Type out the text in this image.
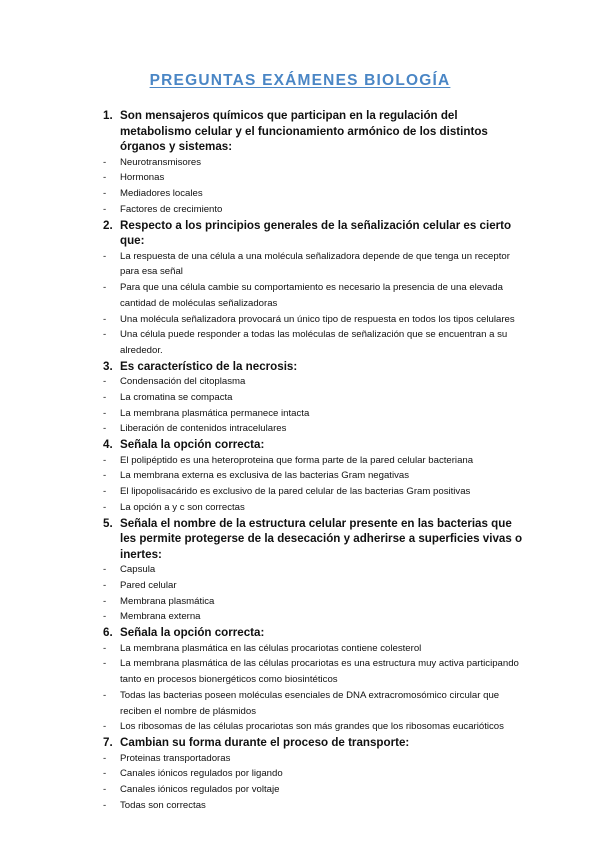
PREGUNTAS EXÁMENES BIOLOGÍA
1. Son mensajeros químicos que participan en la regulación del metabolismo celular y el funcionamiento armónico de los distintos órganos y sistemas:
-	Neurotransmisores
-	Hormonas
-	Mediadores locales
-	Factores de crecimiento
2. Respecto a los principios generales de la señalización celular es cierto que:
-	La respuesta de una célula a una molécula señalizadora depende de que tenga un receptor para esa señal
-	Para que una célula cambie su comportamiento es necesario la presencia de una elevada cantidad de moléculas señalizadoras
-	Una molécula señalizadora provocará un único tipo de respuesta en todos los tipos celulares
-	Una célula puede responder a todas las moléculas de señalización que se encuentran a su alrededor.
3. Es característico de la necrosis:
-	Condensación del citoplasma
-	La cromatina se compacta
-	La membrana plasmática permanece intacta
-	Liberación de contenidos intracelulares
4. Señala la opción correcta:
-	El polipéptido es una heteroproteina que forma parte de la pared celular bacteriana
-	La membrana externa es exclusiva de las bacterias Gram negativas
-	El lipopolisacárido es exclusivo de la pared celular de las bacterias Gram positivas
-	La opción a y c son correctas
5. Señala el nombre de la estructura celular presente en las bacterias que les permite protegerse de la desecación y adherirse a superficies vivas o inertes:
-	Capsula
-	Pared celular
-	Membrana plasmática
-	Membrana externa
6. Señala la opción correcta:
-	La membrana plasmática en las células procariotas contiene colesterol
-	La membrana plasmática de las células procariotas es una estructura muy activa participando tanto en procesos bionergéticos como biosintéticos
-	Todas las bacterias poseen moléculas esenciales de DNA extracromosómico circular que reciben el nombre de plásmidos
-	Los ribosomas de las células procariotas son más grandes que los ribosomas eucarióticos
7. Cambian su forma durante el proceso de transporte:
-	Proteinas transportadoras
-	Canales iónicos regulados por ligando
-	Canales iónicos regulados por voltaje
-	Todas son correctas
